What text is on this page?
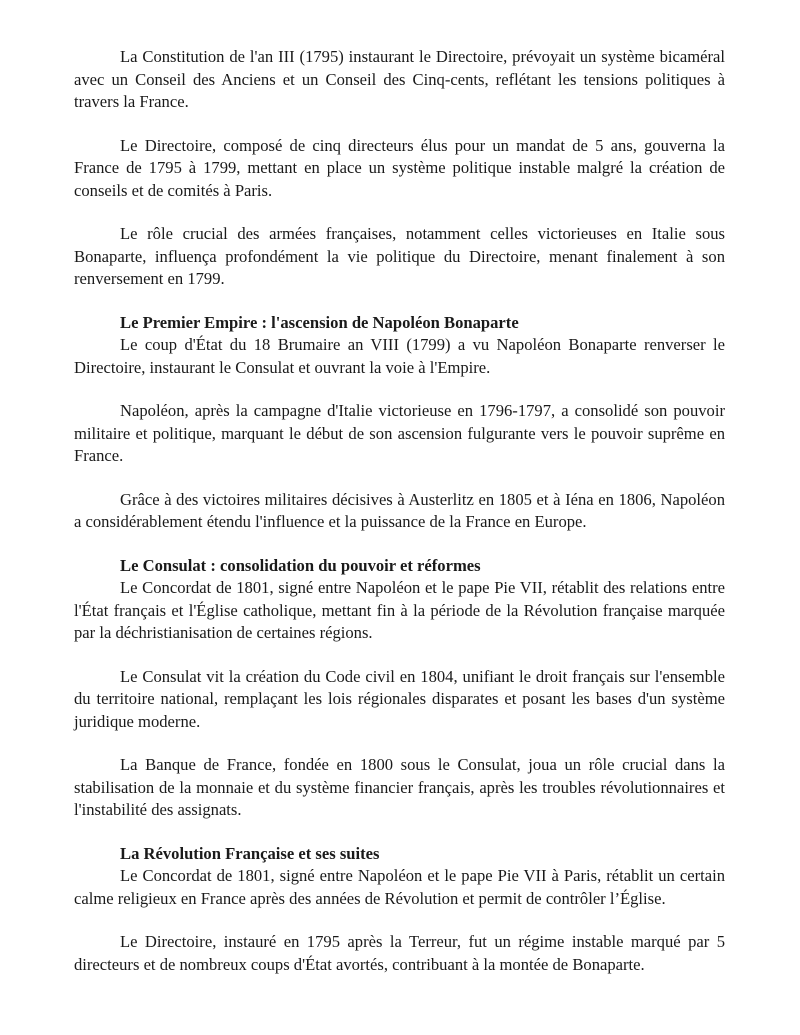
La Constitution de l'an III (1795) instaurant le Directoire, prévoyait un système bicaméral avec un Conseil des Anciens et un Conseil des Cinq-cents, reflétant les tensions politiques à travers la France.

Le Directoire, composé de cinq directeurs élus pour un mandat de 5 ans, gouverna la France de 1795 à 1799, mettant en place un système politique instable malgré la création de conseils et de comités à Paris.

Le rôle crucial des armées françaises, notamment celles victorieuses en Italie sous Bonaparte, influença profondément la vie politique du Directoire, menant finalement à son renversement en 1799.

Le Premier Empire : l'ascension de Napoléon Bonaparte

Le coup d'État du 18 Brumaire an VIII (1799) a vu Napoléon Bonaparte renverser le Directoire, instaurant le Consulat et ouvrant la voie à l'Empire.

Napoléon, après la campagne d'Italie victorieuse en 1796-1797, a consolidé son pouvoir militaire et politique, marquant le début de son ascension fulgurante vers le pouvoir suprême en France.

Grâce à des victoires militaires décisives à Austerlitz en 1805 et à Iéna en 1806, Napoléon a considérablement étendu l'influence et la puissance de la France en Europe.

Le Consulat : consolidation du pouvoir et réformes

Le Concordat de 1801, signé entre Napoléon et le pape Pie VII, rétablit des relations entre l'État français et l'Église catholique, mettant fin à la période de la Révolution française marquée par la déchristianisation de certaines régions.

Le Consulat vit la création du Code civil en 1804, unifiant le droit français sur l'ensemble du territoire national, remplaçant les lois régionales disparates et posant les bases d'un système juridique moderne.

La Banque de France, fondée en 1800 sous le Consulat, joua un rôle crucial dans la stabilisation de la monnaie et du système financier français, après les troubles révolutionnaires et l'instabilité des assignats.

La Révolution Française et ses suites

Le Concordat de 1801, signé entre Napoléon et le pape Pie VII à Paris, rétablit un certain calme religieux en France après des années de Révolution et permit de contrôler l’Église.

Le Directoire, instauré en 1795 après la Terreur, fut un régime instable marqué par 5 directeurs et de nombreux coups d'État avortés, contribuant à la montée de Bonaparte.
